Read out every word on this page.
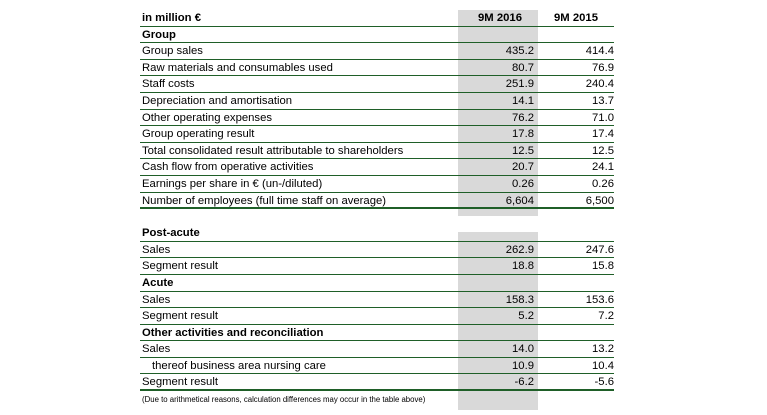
in million €	9M 2016	9M 2015
Group
Group sales	435.2	414.4
Raw materials and consumables used	80.7	76.9
Staff costs	251.9	240.4
Depreciation and amortisation	14.1	13.7
Other operating expenses	76.2	71.0
Group operating result	17.8	17.4
Total consolidated result attributable to shareholders	12.5	12.5
Cash flow from operative activities	20.7	24.1
Earnings per share in € (un-/diluted)	0.26	0.26
Number of employees (full time staff on average)	6,604	6,500
Post-acute
Sales	262.9	247.6
Segment result	18.8	15.8
Acute
Sales	158.3	153.6
Segment result	5.2	7.2
Other activities and reconciliation
Sales	14.0	13.2
thereof business area nursing care	10.9	10.4
Segment result	-6.2	-5.6
(Due to arithmetical reasons, calculation differences may occur in the table above)
